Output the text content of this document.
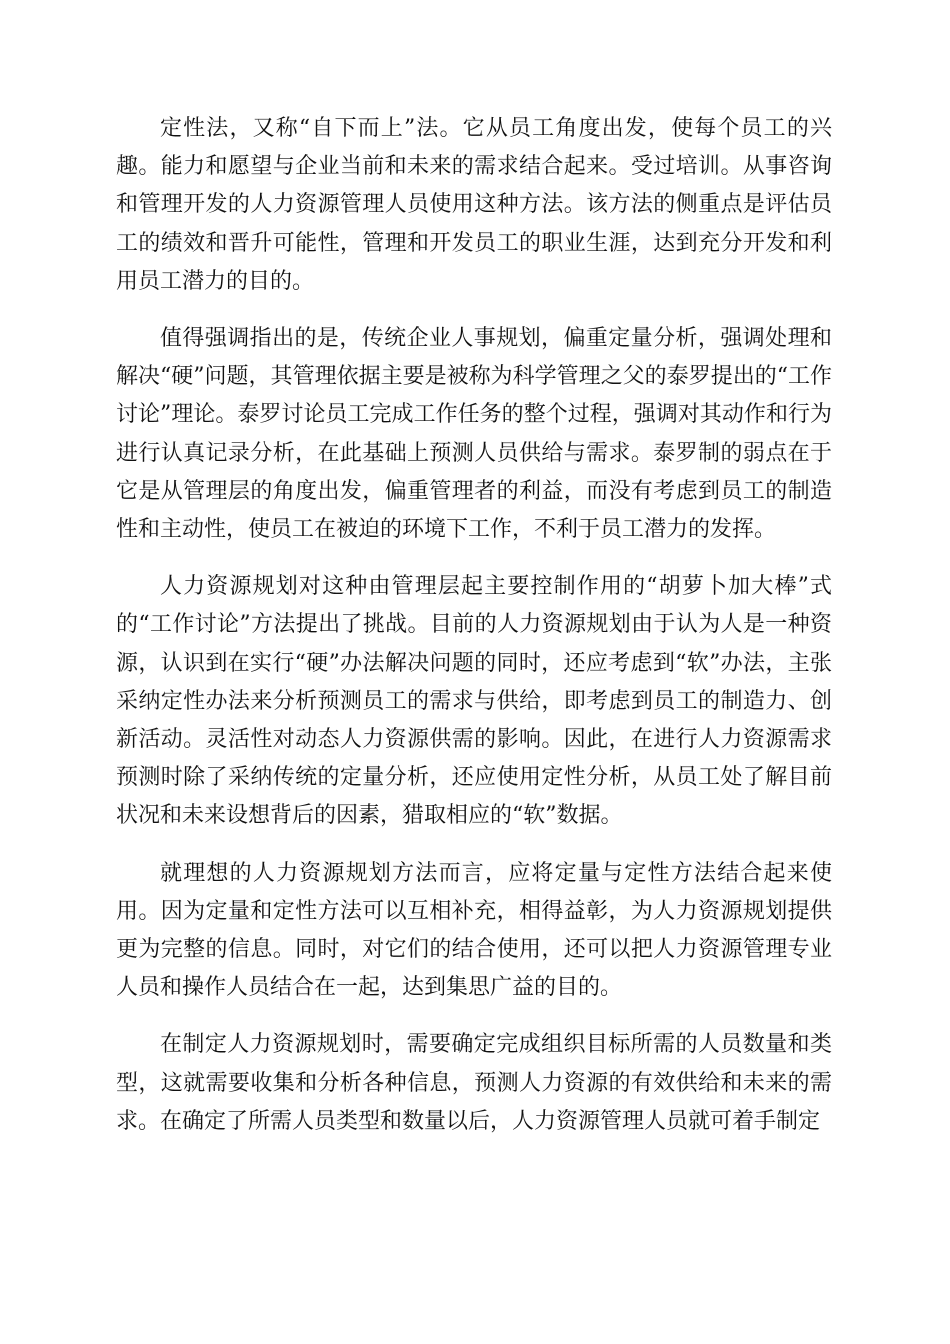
定性法，又称“自下而上”法。它从员工角度出发，使每个员工的兴趣。能力和愿望与企业当前和未来的需求结合起来。受过培训。从事咨询和管理开发的人力资源管理人员使用这种方法。该方法的侧重点是评估员工的绩效和晋升可能性，管理和开发员工的职业生涯，达到充分开发和利用员工潜力的目的。

值得强调指出的是，传统企业人事规划，偏重定量分析，强调处理和解决“硬”问题，其管理依据主要是被称为科学管理之父的泰罗提出的“工作讨论”理论。泰罗讨论员工完成工作任务的整个过程，强调对其动作和行为进行认真记录分析，在此基础上预测人员供给与需求。泰罗制的弱点在于它是从管理层的角度出发，偏重管理者的利益，而没有考虑到员工的制造性和主动性，使员工在被迫的环境下工作，不利于员工潜力的发挥。

人力资源规划对这种由管理层起主要控制作用的“胡萝卜加大棒”式的“工作讨论”方法提出了挑战。目前的人力资源规划由于认为人是一种资源，认识到在实行“硬”办法解决问题的同时，还应考虑到“软”办法，主张采纳定性办法来分析预测员工的需求与供给，即考虑到员工的制造力、创新活动。灵活性对动态人力资源供需的影响。因此，在进行人力资源需求预测时除了采纳传统的定量分析，还应使用定性分析，从员工处了解目前状况和未来设想背后的因素，猎取相应的“软”数据。

就理想的人力资源规划方法而言，应将定量与定性方法结合起来使用。因为定量和定性方法可以互相补充，相得益彰，为人力资源规划提供更为完整的信息。同时，对它们的结合使用，还可以把人力资源管理专业人员和操作人员结合在一起，达到集思广益的目的。

在制定人力资源规划时，需要确定完成组织目标所需的人员数量和类型，这就需要收集和分析各种信息，预测人力资源的有效供给和未来的需求。在确定了所需人员类型和数量以后，人力资源管理人员就可着手制定
